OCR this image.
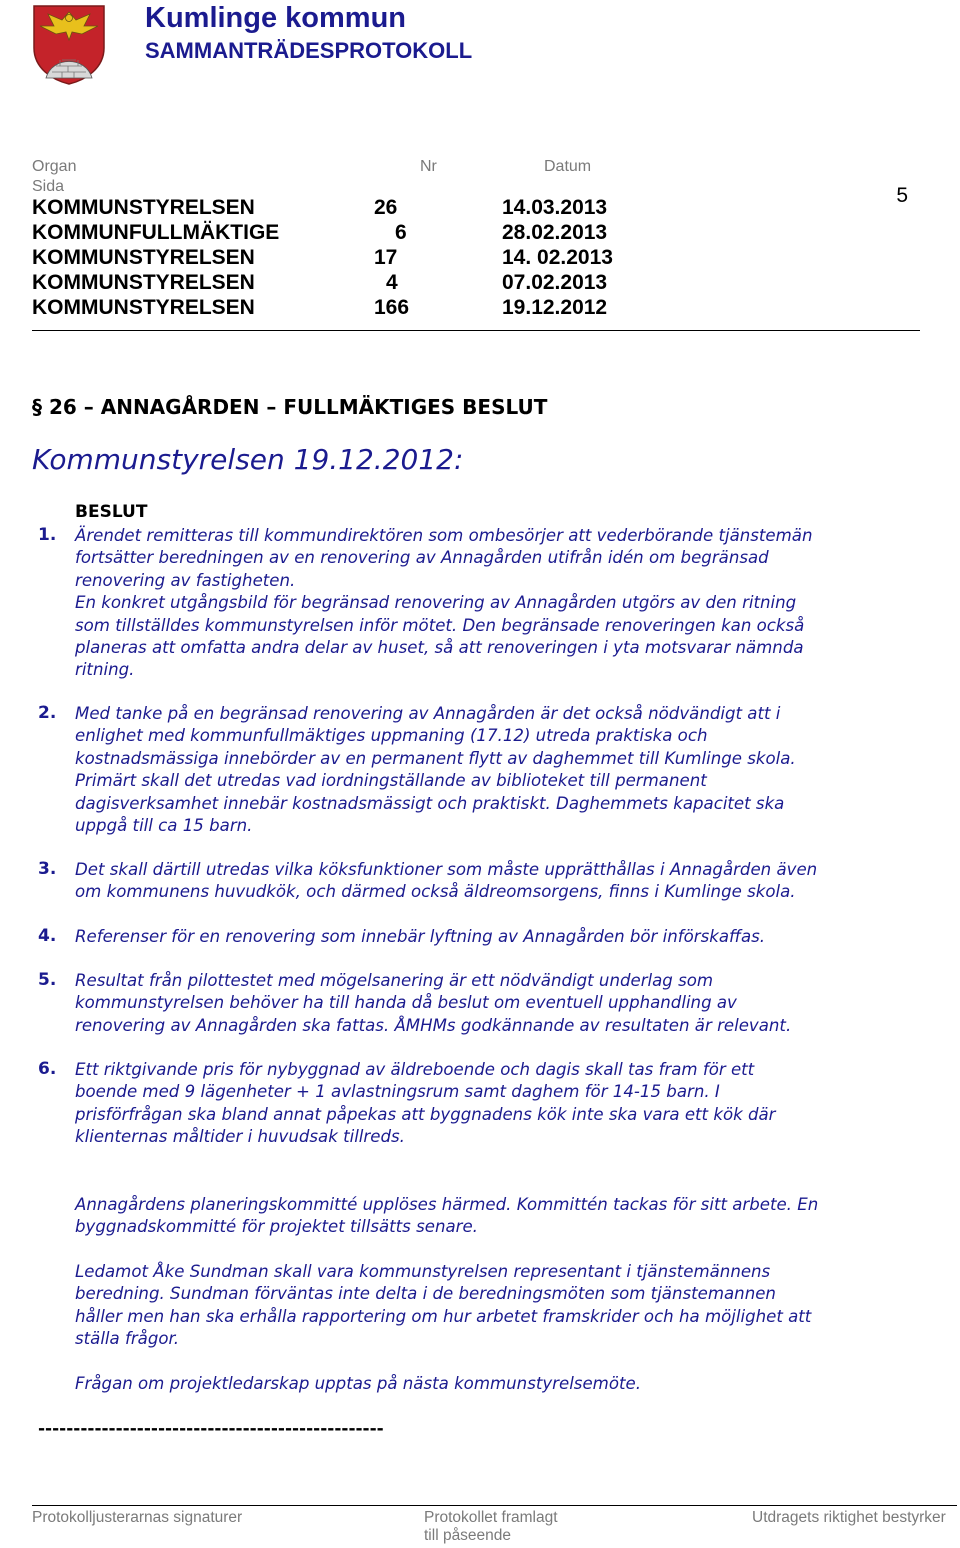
Kumlinge kommun
SAMMANTRÄDESPROTOKOLL
Organ	Nr	Datum
Sida	5
KOMMUNSTYRELSEN	26	14.03.2013
KOMMUNFULLMÄKTIGE	6	28.02.2013
KOMMUNSTYRELSEN	17	14. 02.2013
KOMMUNSTYRELSEN	4	07.02.2013
KOMMUNSTYRELSEN	166	19.12.2012
§ 26 – ANNAGÅRDEN – FULLMÄKTIGES BESLUT
Kommunstyrelsen 19.12.2012:
BESLUT
1. Ärendet remitteras till kommundirektören som ombesörjer att vederbörande tjänstemän
fortsätter beredningen av en renovering av Annagården utifrån idén om begränsad
renovering av fastigheten.
En konkret utgångsbild för begränsad renovering av Annagården utgörs av den ritning
som tillställdes kommunstyrelsen inför mötet. Den begränsade renoveringen kan också
planeras att omfatta andra delar av huset, så att renoveringen i yta motsvarar nämnda
ritning.
2. Med tanke på en begränsad renovering av Annagården är det också nödvändigt att i
enlighet med kommunfullmäktiges uppmaning (17.12) utreda praktiska och
kostnadsmässiga innebörder av en permanent flytt av daghemmet till Kumlinge skola.
Primärt skall det utredas vad iordningställande av biblioteket till permanent
dagisverksamhet innebär kostnadsmässigt och praktiskt. Daghemmets kapacitet ska
uppgå till ca 15 barn.
3. Det skall därtill utredas vilka köksfunktioner som måste upprätthållas i Annagården även
om kommunens huvudkök, och därmed också äldreomsorgens, finns i Kumlinge skola.
4. Referenser för en renovering som innebär lyftning av Annagården bör införskaffas.
5. Resultat från pilottestet med mögelsanering är ett nödvändigt underlag som
kommunstyrelsen behöver ha till handa då beslut om eventuell upphandling av
renovering av Annagården ska fattas. ÅMHMs godkännande av resultaten är relevant.
6. Ett riktgivande pris för nybyggnad av äldreboende och dagis skall tas fram för ett
boende med 9 lägenheter + 1 avlastningsrum samt daghem för 14-15 barn. I
prisförfrågan ska bland annat påpekas att byggnadens kök inte ska vara ett kök där
klienternas måltider i huvudsak tillreds.
Annagårdens planeringskommitté upplöses härmed. Kommittén tackas för sitt arbete. En
byggnadskommitté för projektet tillsätts senare.
Ledamot Åke Sundman skall vara kommunstyrelsen representant i tjänstemännens
beredning. Sundman förväntas inte delta i de beredningsmöten som tjänstemannen
håller men han ska erhålla rapportering om hur arbetet framskrider och ha möjlighet att
ställa frågor.
Frågan om projektledarskap upptas på nästa kommunstyrelsemöte.
-------------------------------------------------
Protokolljusterarnas signaturer	Protokollet framlagt
till påseende
Utdragets riktighet bestyrker
